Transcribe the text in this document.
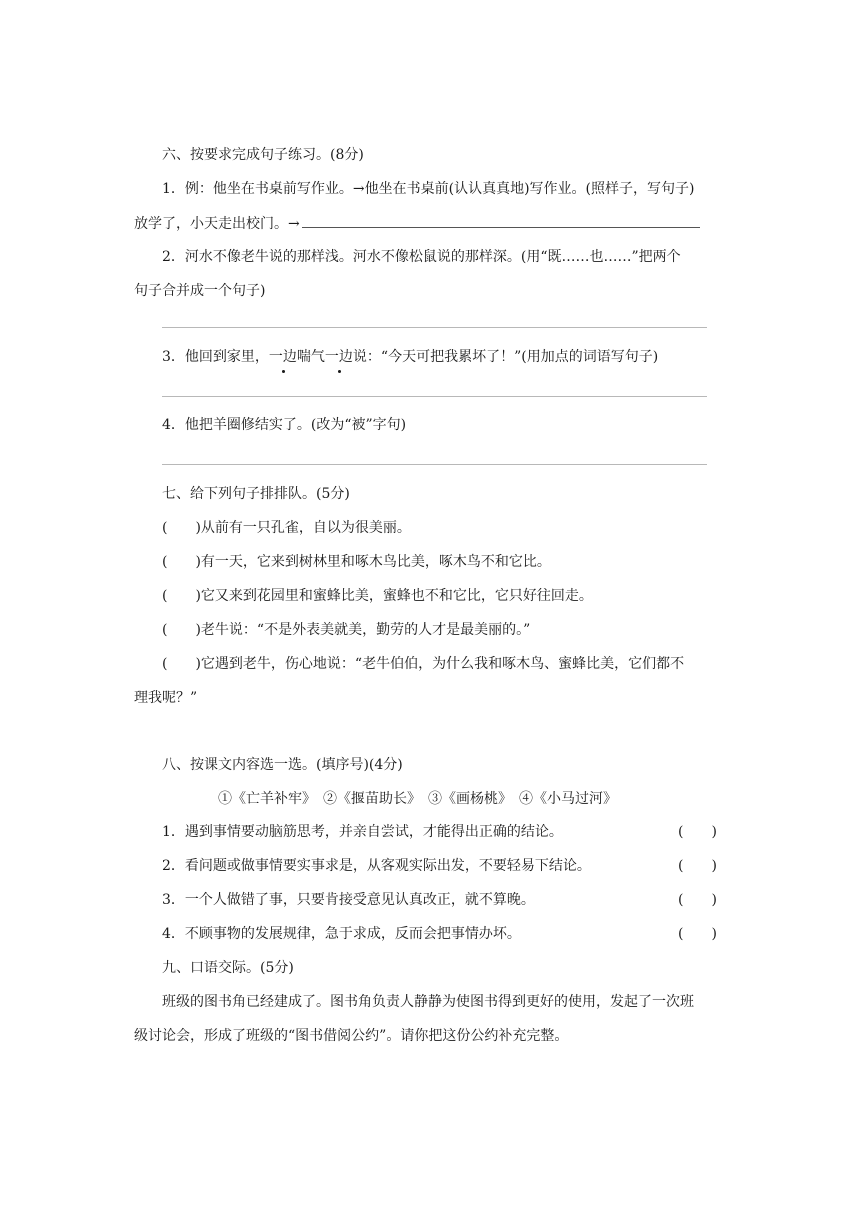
六、按要求完成句子练习。(8分)
1．例：他坐在书桌前写作业。→他坐在书桌前(认认真真地)写作业。(照样子，写句子)
放学了，小天走出校门。→
2．河水不像老牛说的那样浅。河水不像松鼠说的那样深。(用“既……也……”把两个
句子合并成一个句子)
3．他回到家里，一边喘气一边说：“今天可把我累坏了！”(用加点的词语写句子)
4．他把羊圈修结实了。(改为“被”字句)
七、给下列句子排排队。(5分)
(　　)从前有一只孔雀，自以为很美丽。
(　　)有一天，它来到树林里和啄木鸟比美，啄木鸟不和它比。
(　　)它又来到花园里和蜜蜂比美，蜜蜂也不和它比，它只好往回走。
(　　)老牛说：“不是外表美就美，勤劳的人才是最美丽的。”
(　　)它遇到老牛，伤心地说：“老牛伯伯，为什么我和啄木鸟、蜜蜂比美，它们都不
理我呢？”
八、按课文内容选一选。(填序号)(4分)
①《亡羊补牢》　②《揠苗助长》　③《画杨桃》　④《小马过河》
1．遇到事情要动脑筋思考，并亲自尝试，才能得出正确的结论。	(　　)
2．看问题或做事情要实事求是，从客观实际出发，不要轻易下结论。	(　　)
3．一个人做错了事，只要肯接受意见认真改正，就不算晚。	(　　)
4．不顾事物的发展规律，急于求成，反而会把事情办坏。	(　　)
九、口语交际。(5分)
班级的图书角已经建成了。图书角负责人静静为使图书得到更好的使用，发起了一次班
级讨论会，形成了班级的“图书借阅公约”。请你把这份公约补充完整。
